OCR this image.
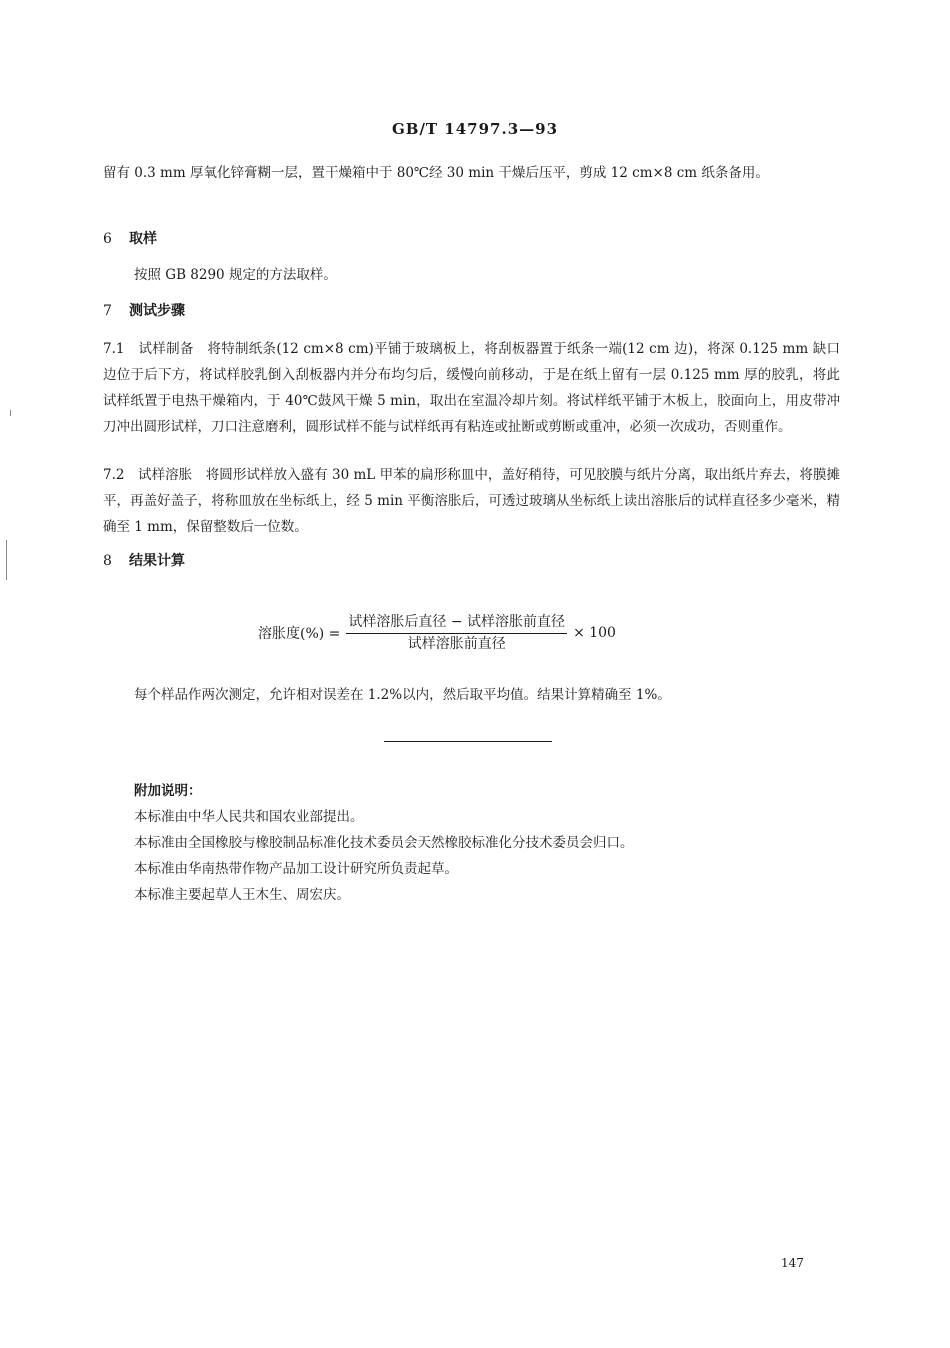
GB/T 14797.3—93
留有 0.3 mm 厚氧化锌膏糊一层，置干燥箱中于 80℃经 30 min 干燥后压平，剪成 12 cm×8 cm 纸条备用。
6 取样
按照 GB 8290 规定的方法取样。
7 测试步骤
7.1　试样制备　将特制纸条(12 cm×8 cm)平铺于玻璃板上，将刮板器置于纸条一端(12 cm 边)，将深 0.125 mm 缺口边位于后下方，将试样胶乳倒入刮板器内并分布均匀后，缓慢向前移动，于是在纸上留有一层 0.125 mm 厚的胶乳，将此试样纸置于电热干燥箱内，于 40℃鼓风干燥 5 min，取出在室温冷却片刻。将试样纸平铺于木板上，胶面向上，用皮带冲刀冲出圆形试样，刀口注意磨利，圆形试样不能与试样纸再有粘连或扯断或剪断或重冲，必须一次成功，否则重作。
7.2　试样溶胀　将圆形试样放入盛有 30 mL 甲苯的扁形称皿中，盖好稍待，可见胶膜与纸片分离，取出纸片弃去，将膜摊平，再盖好盖子，将称皿放在坐标纸上，经 5 min 平衡溶胀后，可透过玻璃从坐标纸上读出溶胀后的试样直径多少毫米，精确至 1 mm，保留整数后一位数。
8 结果计算
溶胀度(%) = $\frac{\text{试样溶胀后直径 − 试样溶胀前直径}}{\text{试样溶胀前直径}} \times 100$
每个样品作两次测定，允许相对误差在 1.2%以内，然后取平均值。结果计算精确至 1%。
附加说明：
本标准由中华人民共和国农业部提出。
本标准由全国橡胶与橡胶制品标准化技术委员会天然橡胶标准化分技术委员会归口。
本标准由华南热带作物产品加工设计研究所负责起草。
本标准主要起草人王木生、周宏庆。
147
